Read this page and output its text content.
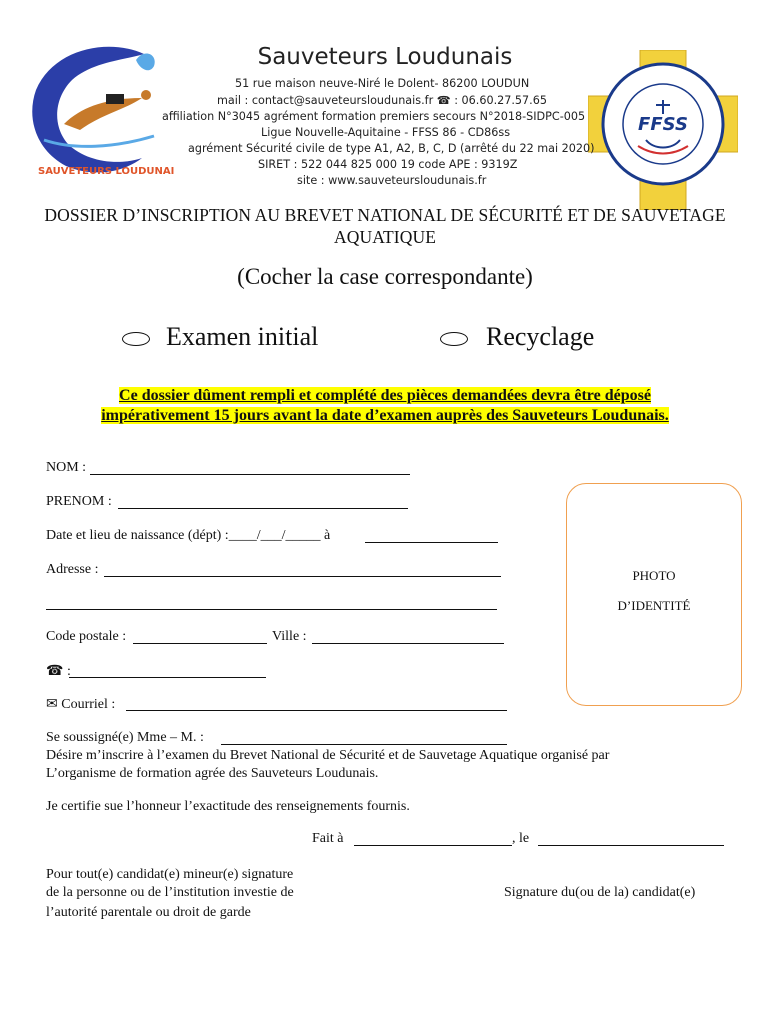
SAUVETEURS LOUDUNAIS
FFSS
Sauveteurs Loudunais
51 rue maison neuve-Niré le Dolent- 86200 LOUDUN
mail : contact@sauveteursloudunais.fr ☎ : 06.60.27.57.65
affiliation N°3045 agrément formation premiers secours N°2018-SIDPC-005
Ligue Nouvelle-Aquitaine - FFSS 86 - CD86ss
agrément Sécurité civile de type A1, A2, B, C, D (arrêté du 22 mai 2020)
SIRET : 522 044 825 000 19 code APE : 9319Z
site : www.sauveteursloudunais.fr
DOSSIER D’INSCRIPTION AU BREVET NATIONAL DE SÉCURITÉ ET DE SAUVETAGE AQUATIQUE
(Cocher la case correspondante)
Examen initial	Recyclage
Ce dossier dûment rempli et complété des pièces demandées devra être déposé
impérativement 15 jours avant la date d’examen auprès des Sauveteurs Loudunais.
NOM :
PRENOM :
Date et lieu de naissance (dépt) :____/___/_____ à
Adresse :
Code postale :	Ville :
☎ :
✉ Courriel :
PHOTO
D’IDENTITÉ
Se soussigné(e) Mme – M. :
Désire m’inscrire à l’examen du Brevet National de Sécurité et de Sauvetage Aquatique organisé par
L’organisme de formation agrée des Sauveteurs Loudunais.
Je certifie sue l’honneur l’exactitude des renseignements fournis.
Fait à	, le
Pour tout(e) candidat(e) mineur(e) signature
de la personne ou de l’institution investie de
l’autorité parentale ou droit de garde
Signature du(ou de la) candidat(e)
